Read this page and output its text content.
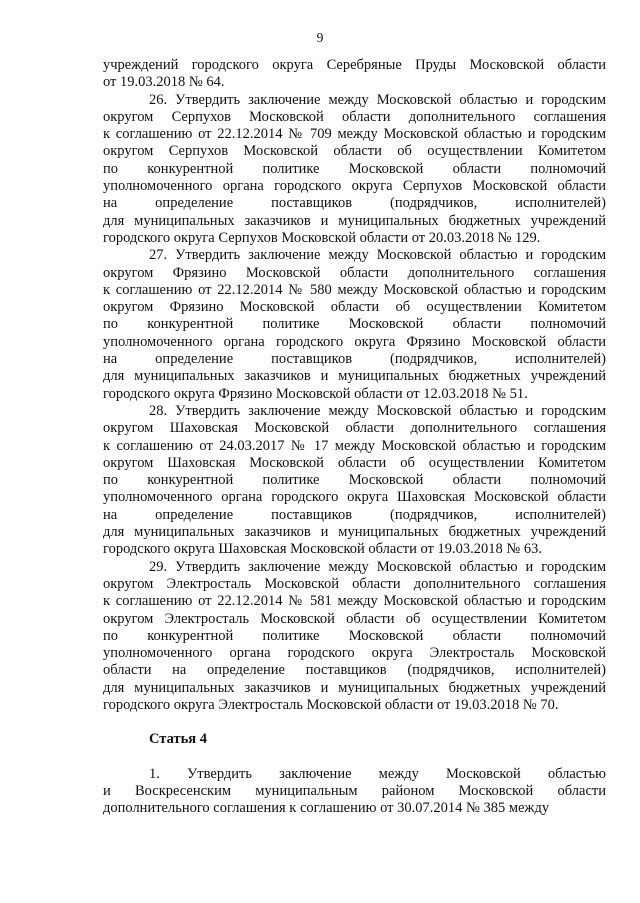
9
учреждений городского округа Серебряные Пруды Московской области
от 19.03.2018 № 64.
26. Утвердить заключение между Московской областью и городским
округом Серпухов Московской области дополнительного соглашения
к соглашению от 22.12.2014 № 709 между Московской областью и городским
округом Серпухов Московской области об осуществлении Комитетом
по конкурентной политике Московской области полномочий
уполномоченного органа городского округа Серпухов Московской области
на определение поставщиков (подрядчиков, исполнителей)
для муниципальных заказчиков и муниципальных бюджетных учреждений
городского округа Серпухов Московской области от 20.03.2018 № 129.
27. Утвердить заключение между Московской областью и городским
округом Фрязино Московской области дополнительного соглашения
к соглашению от 22.12.2014 № 580 между Московской областью и городским
округом Фрязино Московской области об осуществлении Комитетом
по конкурентной политике Московской области полномочий
уполномоченного органа городского округа Фрязино Московской области
на определение поставщиков (подрядчиков, исполнителей)
для муниципальных заказчиков и муниципальных бюджетных учреждений
городского округа Фрязино Московской области от 12.03.2018 № 51.
28. Утвердить заключение между Московской областью и городским
округом Шаховская Московской области дополнительного соглашения
к соглашению от 24.03.2017 № 17 между Московской областью и городским
округом Шаховская Московской области об осуществлении Комитетом
по конкурентной политике Московской области полномочий
уполномоченного органа городского округа Шаховская Московской области
на определение поставщиков (подрядчиков, исполнителей)
для муниципальных заказчиков и муниципальных бюджетных учреждений
городского округа Шаховская Московской области от 19.03.2018 № 63.
29. Утвердить заключение между Московской областью и городским
округом Электросталь Московской области дополнительного соглашения
к соглашению от 22.12.2014 № 581 между Московской областью и городским
округом Электросталь Московской области об осуществлении Комитетом
по конкурентной политике Московской области полномочий
уполномоченного органа городского округа Электросталь Московской
области на определение поставщиков (подрядчиков, исполнителей)
для муниципальных заказчиков и муниципальных бюджетных учреждений
городского округа Электросталь Московской области от 19.03.2018 № 70.
Статья 4
1. Утвердить заключение между Московской областью
и Воскресенским муниципальным районом Московской области
дополнительного соглашения к соглашению от 30.07.2014 № 385 между
